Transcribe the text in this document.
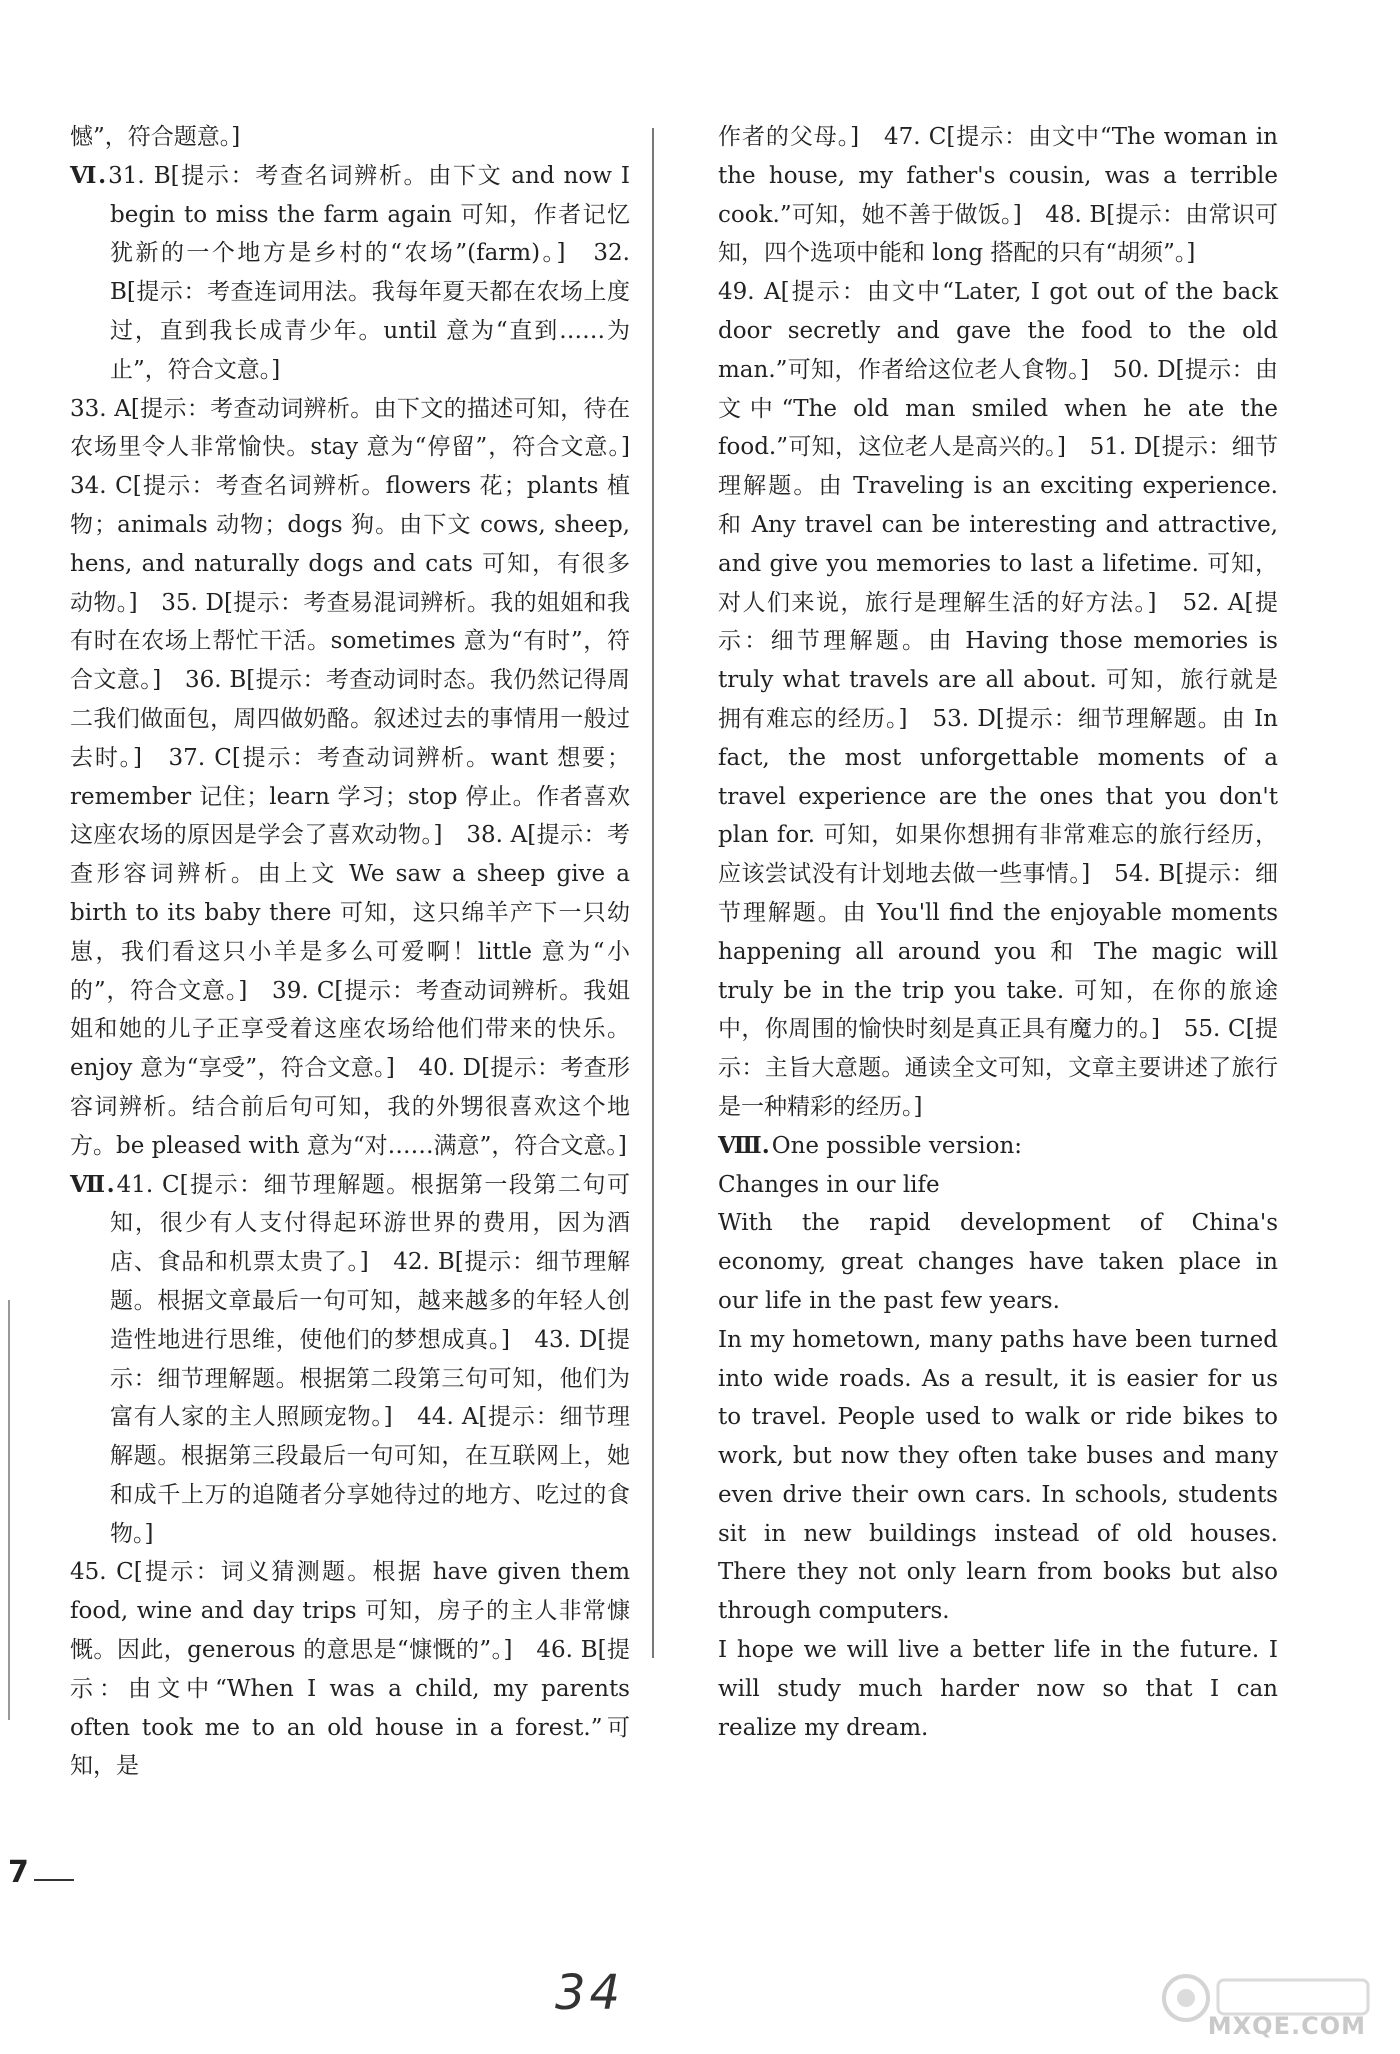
憾”，符合题意。]

Ⅵ.31. B[提示：考查名词辨析。由下文 and now I begin to miss the farm again 可知，作者记忆犹新的一个地方是乡村的“农场”(farm)。]　32. B[提示：考查连词用法。我每年夏天都在农场上度过，直到我长成青少年。until 意为“直到……为止”，符合文意。]

33. A[提示：考查动词辨析。由下文的描述可知，待在农场里令人非常愉快。stay 意为“停留”，符合文意。]　34. C[提示：考查名词辨析。flowers 花；plants 植物；animals 动物；dogs 狗。由下文 cows, sheep, hens, and naturally dogs and cats 可知，有很多动物。]　35. D[提示：考查易混词辨析。我的姐姐和我有时在农场上帮忙干活。sometimes 意为“有时”，符合文意。]　36. B[提示：考查动词时态。我仍然记得周二我们做面包，周四做奶酪。叙述过去的事情用一般过去时。]　37. C[提示：考查动词辨析。want 想要；remember 记住；learn 学习；stop 停止。作者喜欢这座农场的原因是学会了喜欢动物。]　38. A[提示：考查形容词辨析。由上文 We saw a sheep give a birth to its baby there 可知，这只绵羊产下一只幼崽，我们看这只小羊是多么可爱啊！little 意为“小的”，符合文意。]　39. C[提示：考查动词辨析。我姐姐和她的儿子正享受着这座农场给他们带来的快乐。enjoy 意为“享受”，符合文意。]　40. D[提示：考查形容词辨析。结合前后句可知，我的外甥很喜欢这个地方。be pleased with 意为“对……满意”，符合文意。]

Ⅶ.41. C[提示：细节理解题。根据第一段第二句可知，很少有人支付得起环游世界的费用，因为酒店、食品和机票太贵了。]　42. B[提示：细节理解题。根据文章最后一句可知，越来越多的年轻人创造性地进行思维，使他们的梦想成真。]　43. D[提示：细节理解题。根据第二段第三句可知，他们为富有人家的主人照顾宠物。]　44. A[提示：细节理解题。根据第三段最后一句可知，在互联网上，她和成千上万的追随者分享她待过的地方、吃过的食物。]

45. C[提示：词义猜测题。根据 have given them food, wine and day trips 可知，房子的主人非常慷慨。因此，generous 的意思是“慷慨的”。]　46. B[提示：由文中“When I was a child, my parents often took me to an old house in a forest.”可知，是

作者的父母。]　47. C[提示：由文中“The woman in the house, my father's cousin, was a terrible cook.”可知，她不善于做饭。]　48. B[提示：由常识可知，四个选项中能和 long 搭配的只有“胡须”。]

49. A[提示：由文中“Later, I got out of the back door secretly and gave the food to the old man.”可知，作者给这位老人食物。]　50. D[提示：由文中“The old man smiled when he ate the food.”可知，这位老人是高兴的。]　51. D[提示：细节理解题。由 Traveling is an exciting experience. 和 Any travel can be interesting and attractive, and give you memories to last a lifetime. 可知，对人们来说，旅行是理解生活的好方法。]　52. A[提示：细节理解题。由 Having those memories is truly what travels are all about. 可知，旅行就是拥有难忘的经历。]　53. D[提示：细节理解题。由 In fact, the most unforgettable moments of a travel experience are the ones that you don't plan for. 可知，如果你想拥有非常难忘的旅行经历，应该尝试没有计划地去做一些事情。]　54. B[提示：细节理解题。由 You'll find the enjoyable moments happening all around you 和 The magic will truly be in the trip you take. 可知，在你的旅途中，你周围的愉快时刻是真正具有魔力的。]　55. C[提示：主旨大意题。通读全文可知，文章主要讲述了旅行是一种精彩的经历。]

Ⅷ.One possible version:

Changes in our life

With the rapid development of China's economy, great changes have taken place in our life in the past few years.

In my hometown, many paths have been turned into wide roads. As a result, it is easier for us to travel. People used to walk or ride bikes to work, but now they often take buses and many even drive their own cars. In schools, students sit in new buildings instead of old houses. There they not only learn from books but also through computers.

I hope we will live a better life in the future. I will study much harder now so that I can realize my dream.

7
34
MXQE.COM
